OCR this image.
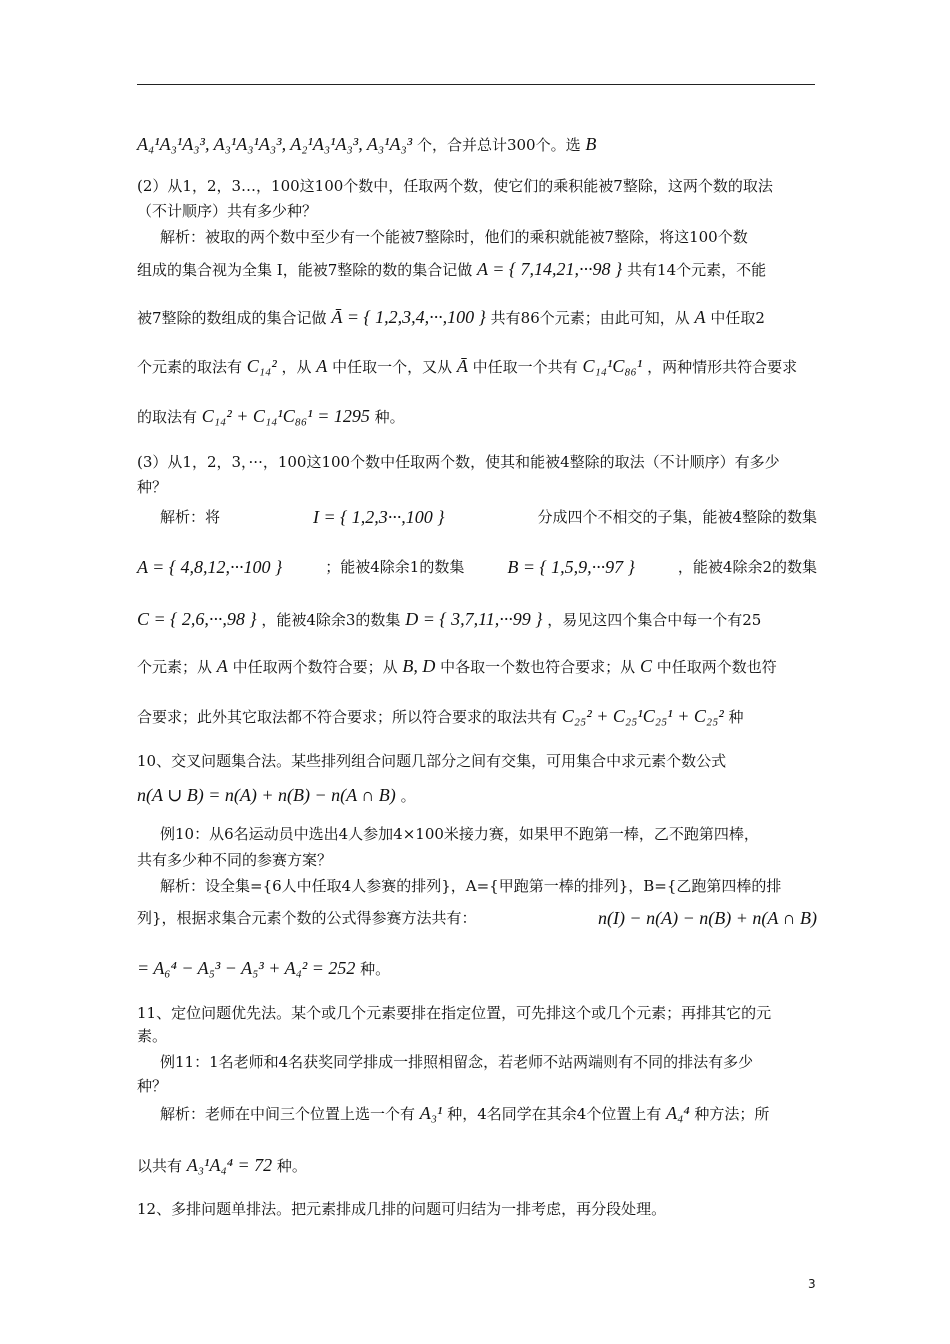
A₄¹A₃¹A₃³, A₃¹A₃¹A₃³, A₂¹A₃¹A₃³, A₃¹A₃³ 个，合并总计300个。选 B
(2）从1，2，3…，100这100个数中，任取两个数，使它们的乘积能被7整除，这两个数的取法
（不计顺序）共有多少种？
解析：被取的两个数中至少有一个能被7整除时，他们的乘积就能被7整除，将这100个数
组成的集合视为全集 I，能被7整除的数的集合记做 A = { 7,14,21,···98 } 共有14个元素，不能
被7整除的数组成的集合记做 Ā = { 1,2,3,4,···,100 } 共有86个元素；由此可知，从 A 中任取2
个元素的取法有 C₁₄² ，从 A 中任取一个，又从 Ā 中任取一个共有 C₁₄¹C₈₆¹ ，两种情形共符合要求
的取法有 C₁₄² + C₁₄¹C₈₆¹ = 1295 种。
(3）从1，2，3，···，100这100个数中任取两个数，使其和能被4整除的取法（不计顺序）有多少
种？
解析：将	I = { 1,2,3···,100 }	分成四个不相交的子集，能被4整除的数集
A = { 4,8,12,···100 }	；能被4除余1的数集 B = { 1,5,9,···97 }	，能被4除余2的数集
C = { 2,6,···,98 } ，能被4除余3的数集 D = { 3,7,11,···99 } ，易见这四个集合中每一个有25
个元素；从 A 中任取两个数符合要；从 B, D 中各取一个数也符合要求；从 C 中任取两个数也符
合要求；此外其它取法都不符合要求；所以符合要求的取法共有 C₂₅² + C₂₅¹C₂₅¹ + C₂₅² 种
10、交叉问题集合法。某些排列组合问题几部分之间有交集，可用集合中求元素个数公式
n(A ∪ B) = n(A) + n(B) − n(A ∩ B) 。
例10：从6名运动员中选出4人参加4×100米接力赛，如果甲不跑第一棒，乙不跑第四棒，
共有多少种不同的参赛方案？
解析：设全集={6人中任取4人参赛的排列}，A={甲跑第一棒的排列}，B={乙跑第四棒的排
列}，根据求集合元素个数的公式得参赛方法共有：	n(I) − n(A) − n(B) + n(A ∩ B)
= A₆⁴ − A₅³ − A₅³ + A₄² = 252 种。
11、定位问题优先法。某个或几个元素要排在指定位置，可先排这个或几个元素；再排其它的元
素。
例11：1名老师和4名获奖同学排成一排照相留念，若老师不站两端则有不同的排法有多少
种？
解析：老师在中间三个位置上选一个有 A₃¹ 种，4名同学在其余4个位置上有 A₄⁴ 种方法；所
以共有 A₃¹A₄⁴ = 72 种。
12、多排问题单排法。把元素排成几排的问题可归结为一排考虑，再分段处理。
3
